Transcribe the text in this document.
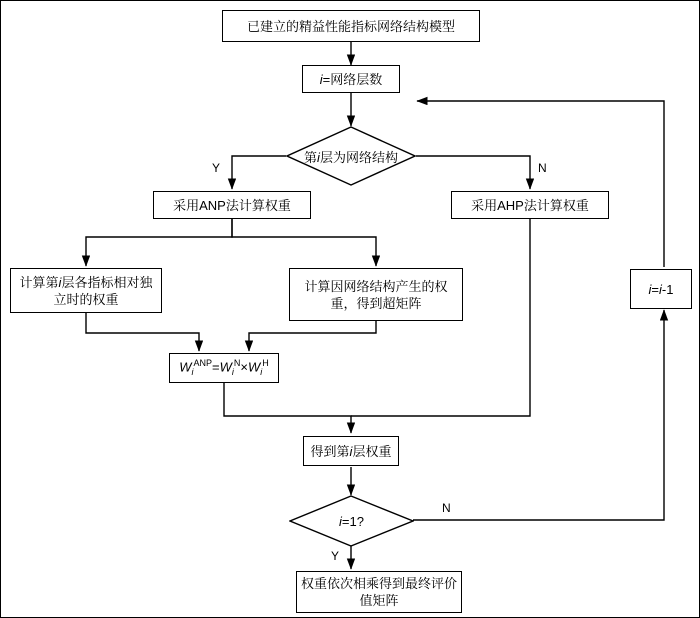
已建立的精益性能指标网络结构模型
i=网络层数
第i层为网络结构
Y	N
采用ANP法计算权重	采用AHP法计算权重
计算第i层各指标相对独立时的权重
计算因网络结构产生的权重，得到超矩阵
$W_i^{ANP}=W_i^N\times W_i^H$
i=i-1
得到第i层权重
i=1?
N
Y
权重依次相乘得到最终评价值矩阵
